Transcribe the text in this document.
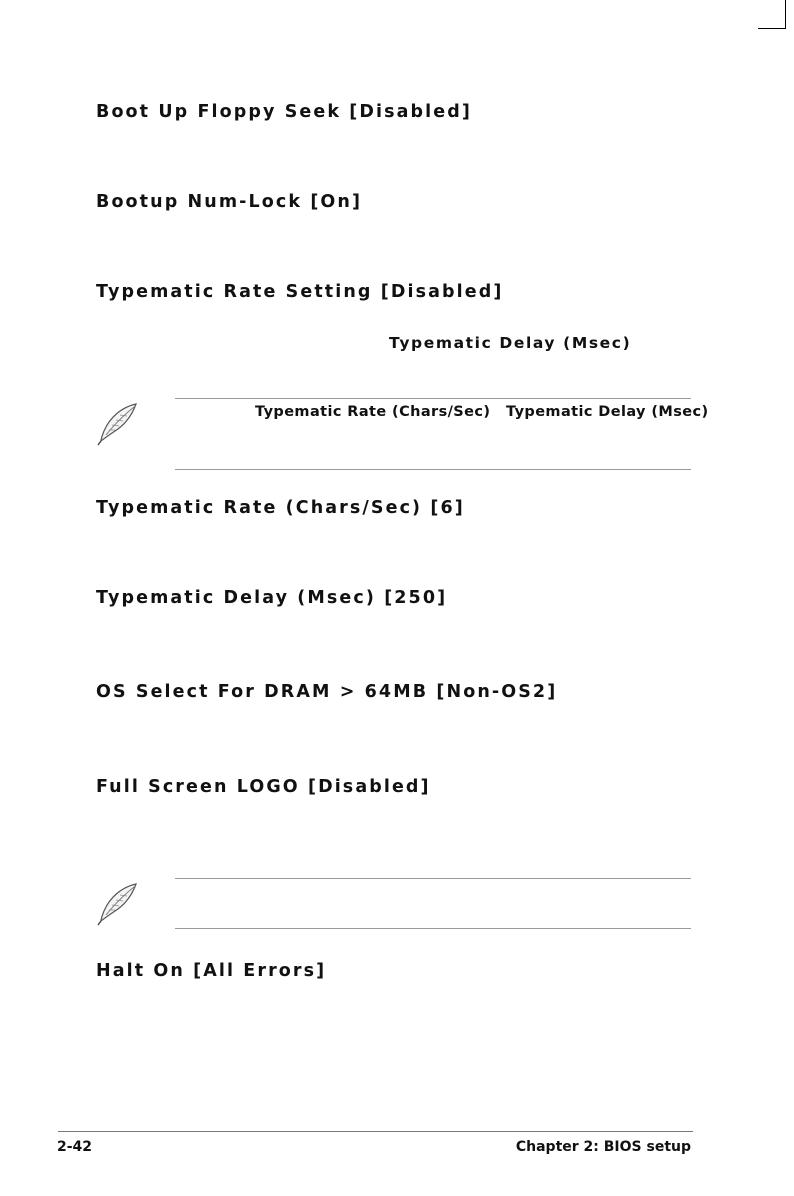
Boot Up Floppy Seek [Disabled]
Bootup Num-Lock [On]
Typematic Rate Setting [Disabled]
Typematic Delay (Msec)
Typematic Rate (Chars/Sec) Typematic Delay (Msec)
Typematic Rate (Chars/Sec) [6]
Typematic Delay (Msec) [250]
OS Select For DRAM > 64MB [Non-OS2]
Full Screen LOGO [Disabled]
Halt On [All Errors]
2-42	Chapter 2: BIOS setup
